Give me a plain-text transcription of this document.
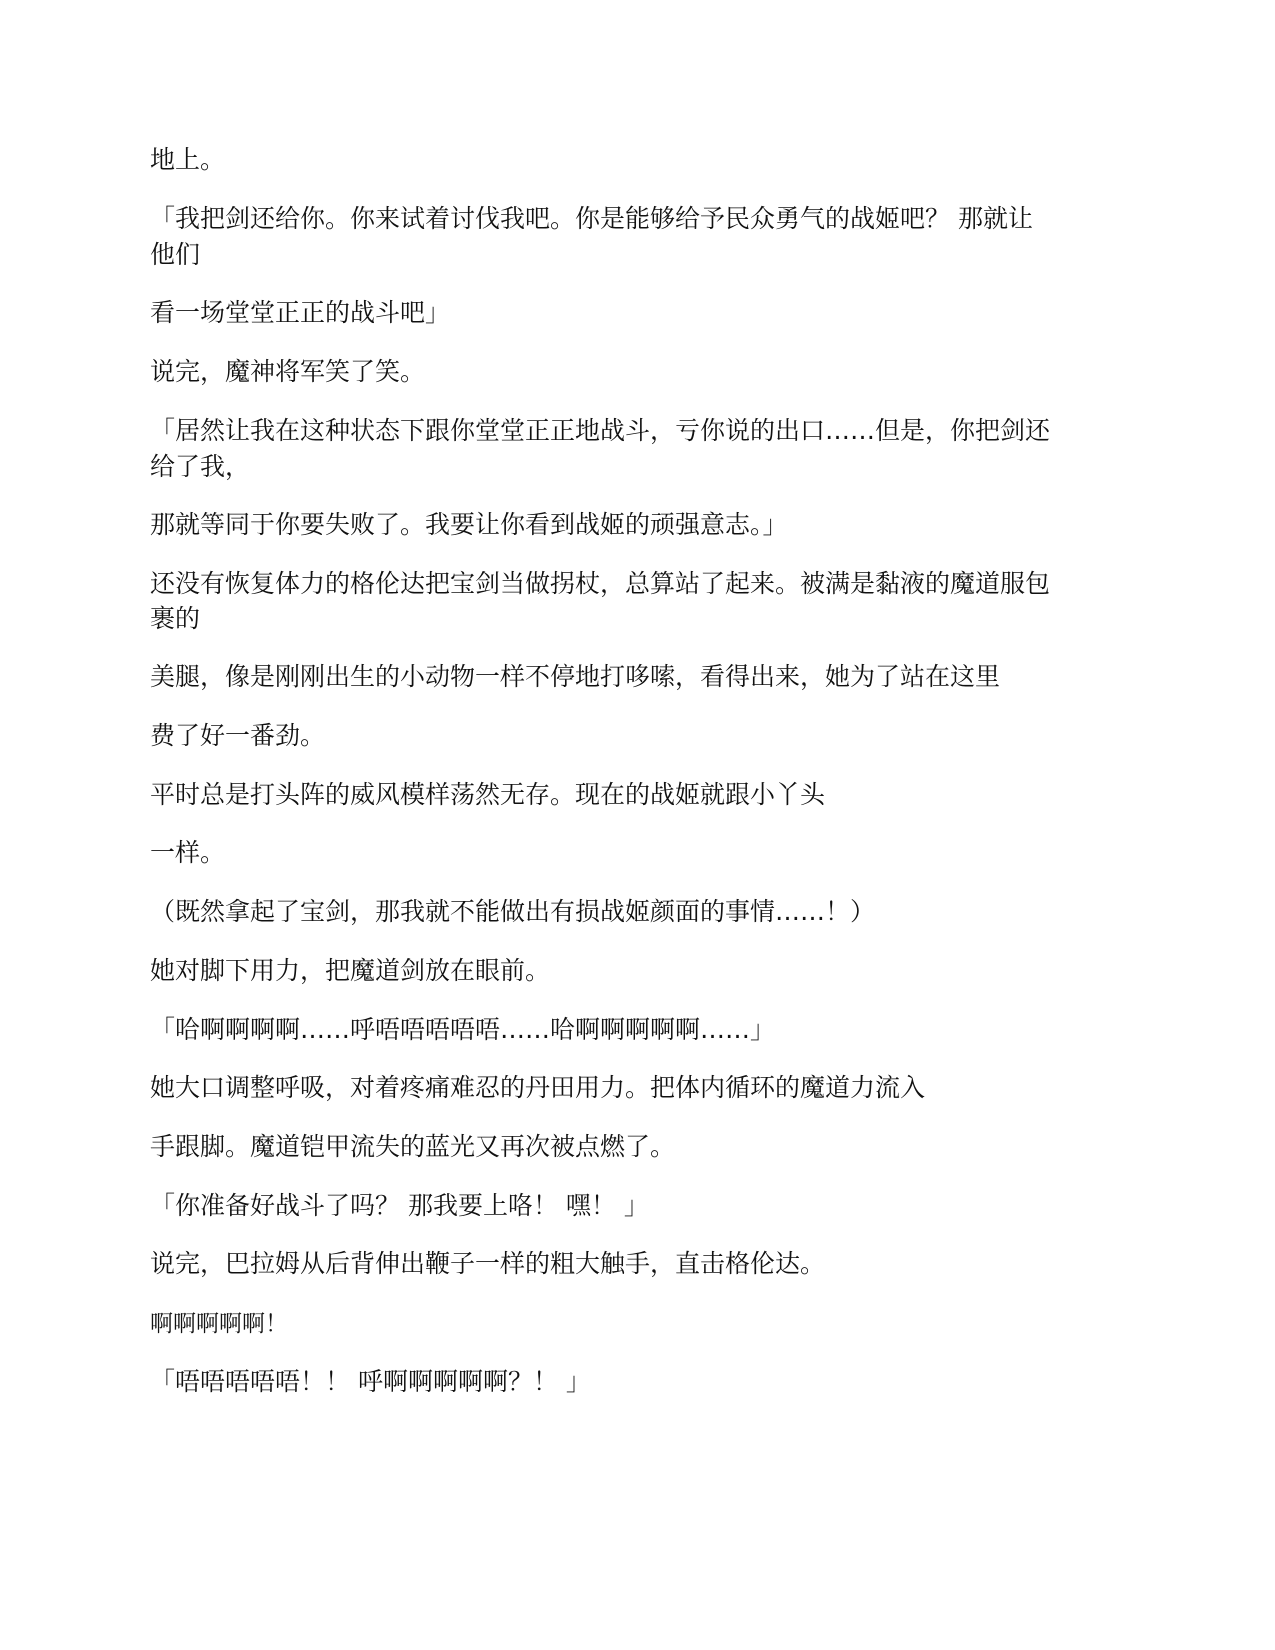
地上。

「我把剑还给你。你来试着讨伐我吧。你是能够给予民众勇气的战姬吧？ 那就让

他们

看一场堂堂正正的战斗吧」

说完，魔神将军笑了笑。

「居然让我在这种状态下跟你堂堂正正地战斗，亏你说的出口……但是，你把剑还

给了我，

那就等同于你要失败了。我要让你看到战姬的顽强意志。」

还没有恢复体力的格伦达把宝剑当做拐杖，总算站了起来。被满是黏液的魔道服包

裹的

美腿，像是刚刚出生的小动物一样不停地打哆嗦，看得出来，她为了站在这里

费了好一番劲。

平时总是打头阵的威风模样荡然无存。现在的战姬就跟小丫头

一样。

（既然拿起了宝剑，那我就不能做出有损战姬颜面的事情……！）

她对脚下用力，把魔道剑放在眼前。

「哈啊啊啊啊……呼唔唔唔唔唔……哈啊啊啊啊啊……」

她大口调整呼吸，对着疼痛难忍的丹田用力。把体内循环的魔道力流入

手跟脚。魔道铠甲流失的蓝光又再次被点燃了。

「你准备好战斗了吗？ 那我要上咯！ 嘿！ 」

说完，巴拉姆从后背伸出鞭子一样的粗大触手，直击格伦达。

啊啊啊啊啊！

「唔唔唔唔唔！！ 呼啊啊啊啊啊？！ 」
